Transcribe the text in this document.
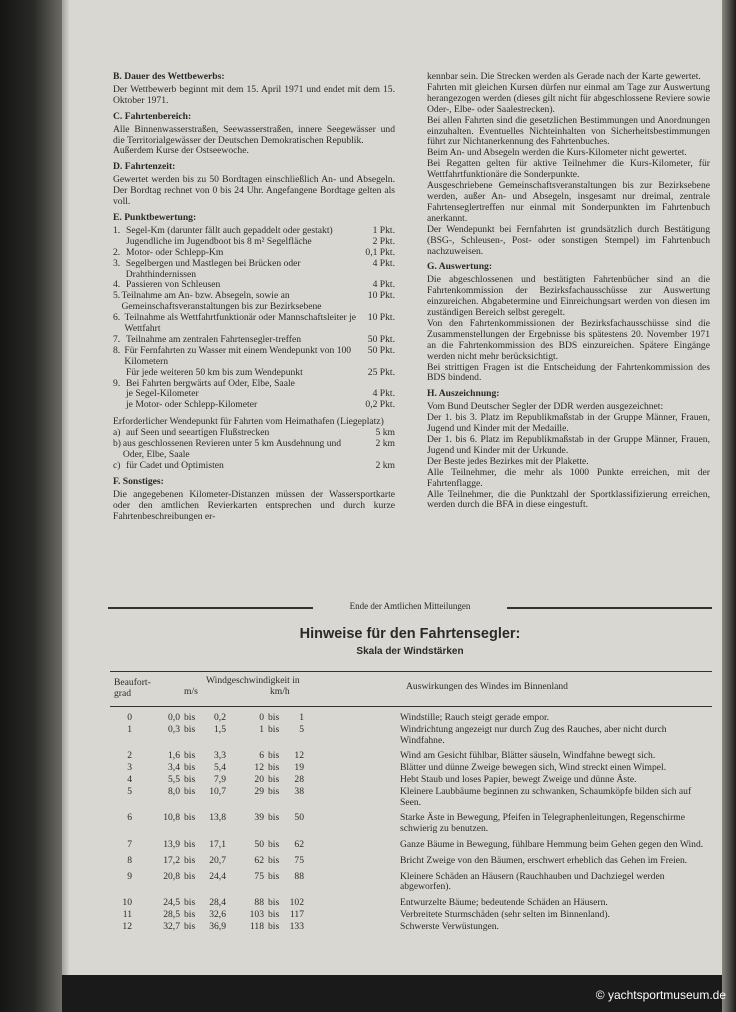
B. Dauer des Wettbewerbs:

Der Wettbewerb beginnt mit dem 15. April 1971 und endet mit dem 15. Oktober 1971.

C. Fahrtenbereich:

Alle Binnenwasserstraßen, Seewasserstraßen, innere Seegewässer und die Territorialgewässer der Deutschen Demokratischen Republik.

Außerdem Kurse der Ostseewoche.

D. Fahrtenzeit:

Gewertet werden bis zu 50 Bordtagen einschließlich An- und Absegeln. Der Bordtag rechnet von 0 bis 24 Uhr. Angefangene Bordtage gelten als voll.

E. Punktbewertung:
1. Segel-Km (darunter fällt auch gepaddelt oder gestakt)	1 Pkt.
Jugendliche im Jugendboot bis 8 m² Segelfläche	2 Pkt.
2. Motor- oder Schlepp-Km	0,1 Pkt.
3. Segelbergen und Mastlegen bei Brücken oder Drahthindernissen
4 Pkt.
4. Passieren von Schleusen	4 Pkt.
5. Teilnahme am An- bzw. Absegeln, sowie an Gemeinschaftsveranstaltungen bis zur Bezirksebene
10 Pkt.
6. Teilnahme als Wettfahrtfunktionär oder Mannschaftsleiter je Wettfahrt
10 Pkt.
7. Teilnahme am zentralen Fahrtensegler-treffen	50 Pkt.
8. Für Fernfahrten zu Wasser mit einem Wendepunkt von 100 Kilometern
50 Pkt.
Für jede weiteren 50 km bis zum Wendepunkt	25 Pkt.
9. Bei Fahrten bergwärts auf Oder, Elbe, Saale
je Segel-Kilometer	4 Pkt.
je Motor- oder Schlepp-Kilometer	0,2 Pkt.

Erforderlicher Wendepunkt für Fahrten vom Heimathafen (Liegeplatz)

a) auf Seen und seeartigen Flußstrecken	5 km
b) aus geschlossenen Revieren unter 5 km Ausdehnung und Oder, Elbe, Saale
2 km
c) für Cadet und Optimisten	2 km
F. Sonstiges:

Die angegebenen Kilometer-Distanzen müssen der Wassersportkarte oder den amtlichen Revierkarten entsprechen und durch kurze Fahrtenbeschreibungen er-

kennbar sein. Die Strecken werden als Gerade nach der Karte gewertet.

Fahrten mit gleichen Kursen dürfen nur einmal am Tage zur Auswertung herangezogen werden (dieses gilt nicht für abgeschlossene Reviere sowie Oder-, Elbe- oder Saalestrecken).

Bei allen Fahrten sind die gesetzlichen Bestimmungen und Anordnungen einzuhalten. Eventuelles Nichteinhalten von Sicherheitsbestimmungen führt zur Nichtanerkennung des Fahrtenbuches.

Beim An- und Absegeln werden die Kurs-Kilometer nicht gewertet.

Bei Regatten gelten für aktive Teilnehmer die Kurs-Kilometer, für Wettfahrtfunktionäre die Sonderpunkte.

Ausgeschriebene Gemeinschaftsveranstaltungen bis zur Bezirksebene werden, außer An- und Absegeln, insgesamt nur dreimal, zentrale Fahrtenseglertreffen nur einmal mit Sonderpunkten im Fahrtenbuch anerkannt.

Der Wendepunkt bei Fernfahrten ist grundsätzlich durch Bestätigung (BSG-, Schleusen-, Post- oder sonstigen Stempel) im Fahrtenbuch nachzuweisen.

G. Auswertung:

Die abgeschlossenen und bestätigten Fahrtenbücher sind an die Fahrtenkommission der Bezirksfachausschüsse zur Auswertung einzureichen. Abgabetermine und Einreichungsart werden von diesen im zuständigen Bereich selbst geregelt.

Von den Fahrtenkommissionen der Bezirksfachausschüsse sind die Zusammenstellungen der Ergebnisse bis spätestens 20. November 1971 an die Fahrtenkommission des BDS einzureichen. Spätere Eingänge werden nicht mehr berücksichtigt.

Bei strittigen Fragen ist die Entscheidung der Fahrtenkommission des BDS bindend.

H. Auszeichnung:

Vom Bund Deutscher Segler der DDR werden ausgezeichnet:

Der 1. bis 3. Platz im Republikmaßstab in der Gruppe Männer, Frauen, Jugend und Kinder mit der Medaille.

Der 1. bis 6. Platz im Republikmaßstab in der Gruppe Männer, Frauen, Jugend und Kinder mit der Urkunde.

Der Beste jedes Bezirkes mit der Plakette.

Alle Teilnehmer, die mehr als 1000 Punkte erreichen, mit der Fahrtenflagge.

Alle Teilnehmer, die die Punktzahl der Sportklassifizierung erreichen, werden durch die BFA in diese eingestuft.

Ende der Amtlichen Mitteilungen
Hinweise für den Fahrtensegler:
Skala der Windstärken
Beaufort-grad
Windgeschwindigkeit in
m/s	km/h	Auswirkungen des Windes im Binnenland
0	0,0 bis	0,2	0 bis	1	Windstille; Rauch steigt gerade empor.
1	0,3 bis	1,5	1 bis	5	Windrichtung angezeigt nur durch Zug des Rauches, aber nicht durch Windfahne.
2	1,6 bis	3,3	6 bis	12	Wind am Gesicht fühlbar, Blätter säuseln, Windfahne bewegt sich.
3	3,4 bis	5,4	12 bis	19	Blätter und dünne Zweige bewegen sich, Wind streckt einen Wimpel.
4	5,5 bis	7,9	20 bis	28	Hebt Staub und loses Papier, bewegt Zweige und dünne Äste.
5	8,0 bis	10,7	29 bis	38	Kleinere Laubbäume beginnen zu schwanken, Schaumköpfe bilden sich auf Seen.
6	10,8 bis	13,8	39 bis	50	Starke Äste in Bewegung, Pfeifen in Telegraphenleitungen, Regenschirme schwierig zu benutzen.
7	13,9 bis	17,1	50 bis	62	Ganze Bäume in Bewegung, fühlbare Hemmung beim Gehen gegen den Wind.
8	17,2 bis	20,7	62 bis	75	Bricht Zweige von den Bäumen, erschwert erheblich das Gehen im Freien.
9	20,8 bis	24,4	75 bis	88	Kleinere Schäden an Häusern (Rauchhauben und Dachziegel werden abgeworfen).
10	24,5 bis	28,4	88 bis	102	Entwurzelte Bäume; bedeutende Schäden an Häusern.
11	28,5 bis	32,6	103 bis	117	Verbreitete Sturmschäden (sehr selten im Binnenland).
12	32,7 bis	36,9	118 bis	133	Schwerste Verwüstungen.
© yachtsportmuseum.de
